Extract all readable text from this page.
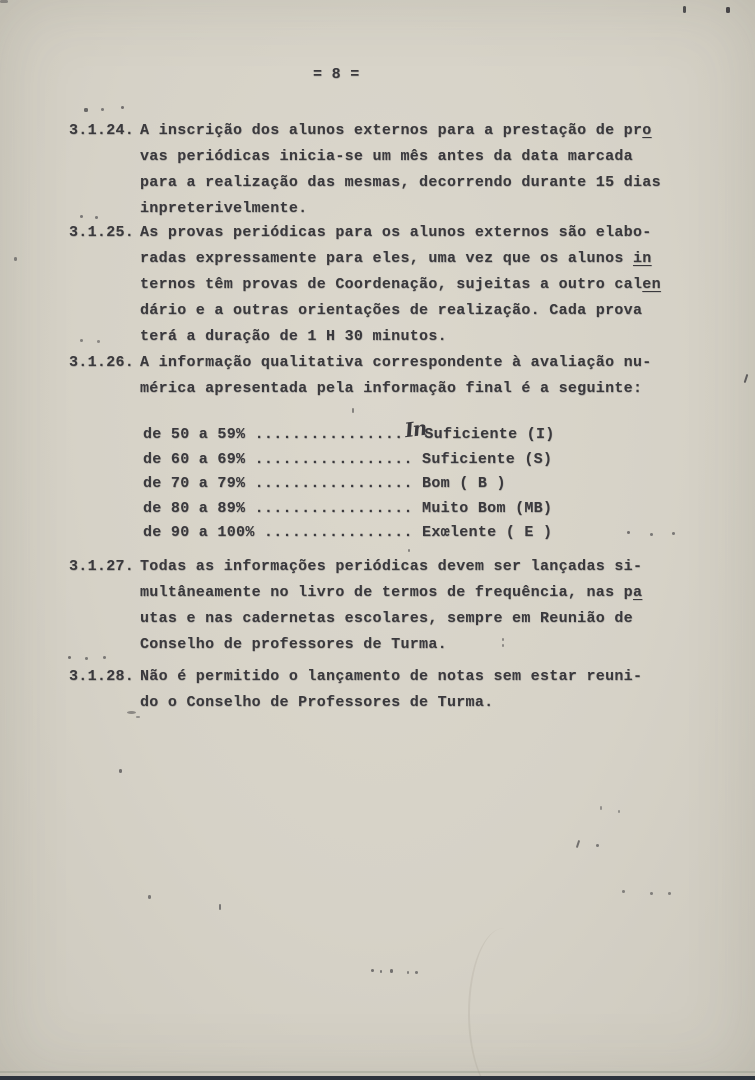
= 8 =
3.1.24. A inscrição dos alunos externos para a prestação de pro
vas periódicas inicia-se um mês antes da data marcada
para a realização das mesmas, decorrendo durante 15 dias
inpreterivelmente.
3.1.25. As provas periódicas para os alunos externos são elabo-
radas expressamente para eles, uma vez que os alunos in
ternos têm provas de Coordenação, sujeitas a outro calen
dário e a outras orientações de realização. Cada prova
terá a duração de 1 H 30 minutos.
3.1.26. A informação qualitativa correspondente à avaliação nu-
mérica apresentada pela informação final é a seguinte:
de 50 a 59% ................InSuficiente (I)
de 60 a 69% ................. Suficiente (S)
de 70 a 79% ................. Bom ( B )
de 80 a 89% ................. Muito Bom (MB)
de 90 a 100% ................ Exœlente ( E )
3.1.27. Todas as informações periódicas devem ser lançadas si-
multâneamente no livro de termos de frequência, nas pa
utas e nas cadernetas escolares, sempre em Reunião de
Conselho de professores de Turma.
3.1.28. Não é permitido o lançamento de notas sem estar reuni-
do o Conselho de Professores de Turma.
